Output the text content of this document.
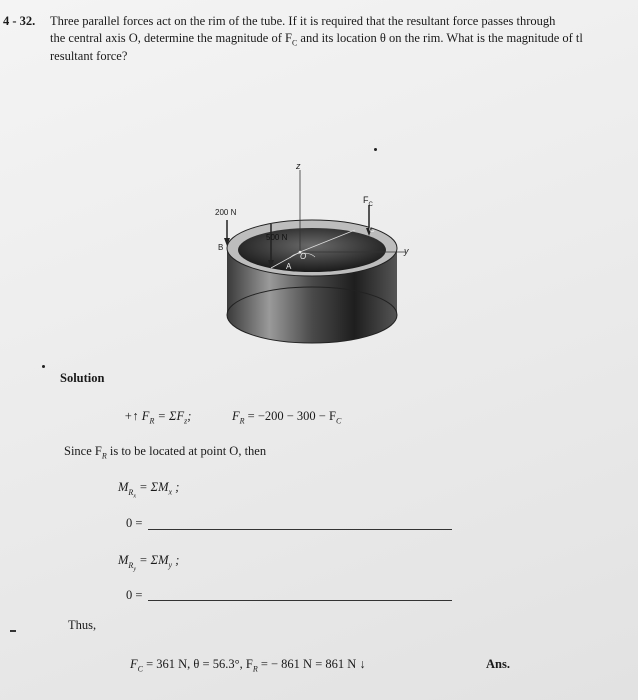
4 - 32. Three parallel forces act on the rim of the tube. If it is required that the resultant force passes through
the central axis O, determine the magnitude of $F_C$ and its location θ on the rim. What is the magnitude of tl
resultant force?
z
$F_C$
200 N
500 N
B
C
A
O
y
Solution
+↑ $F_R = \Sigma F_z$;	$F_R = -200 - 300 - F_C$
Since $F_R$ is to be located at point O, then
$M_{R_x} = \Sigma M_x$ ;
0 =
$M_{R_y} = \Sigma M_y$ ;
0 =
Thus,
$F_C = 361$ N, θ = 56.3°, $F_R$ = − 861 N = 861 N ↓	Ans.
